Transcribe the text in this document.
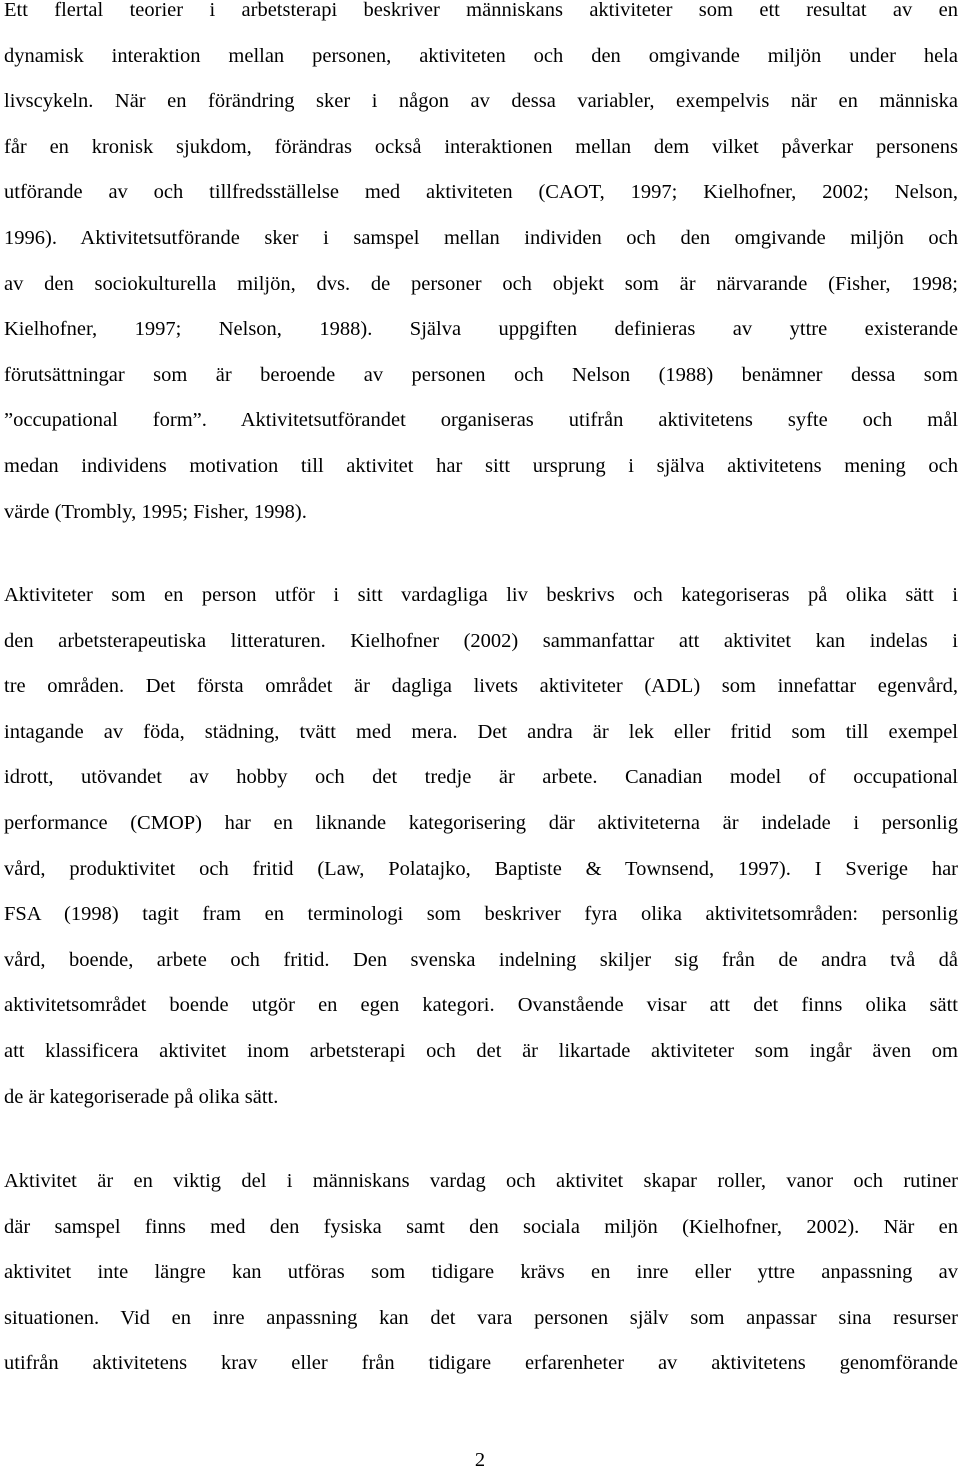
Ett flertal teorier i arbetsterapi beskriver människans aktiviteter som ett resultat av en
dynamisk interaktion mellan personen, aktiviteten och den omgivande miljön under hela
livscykeln. När en förändring sker i någon av dessa variabler, exempelvis när en människa
får en kronisk sjukdom, förändras också interaktionen mellan dem vilket påverkar personens
utförande av och tillfredsställelse med aktiviteten (CAOT, 1997; Kielhofner, 2002; Nelson,
1996). Aktivitetsutförande sker i samspel mellan individen och den omgivande miljön och
av den sociokulturella miljön, dvs. de personer och objekt som är närvarande (Fisher, 1998;
Kielhofner, 1997; Nelson, 1988). Själva uppgiften definieras av yttre existerande
förutsättningar som är beroende av personen och Nelson (1988) benämner dessa som
”occupational form”. Aktivitetsutförandet organiseras utifrån aktivitetens syfte och mål
medan individens motivation till aktivitet har sitt ursprung i själva aktivitetens mening och
värde (Trombly, 1995; Fisher, 1998).
Aktiviteter som en person utför i sitt vardagliga liv beskrivs och kategoriseras på olika sätt i
den arbetsterapeutiska litteraturen. Kielhofner (2002) sammanfattar att aktivitet kan indelas i
tre områden. Det första området är dagliga livets aktiviteter (ADL) som innefattar egenvård,
intagande av föda, städning, tvätt med mera. Det andra är lek eller fritid som till exempel
idrott, utövandet av hobby och det tredje är arbete. Canadian model of occupational
performance (CMOP) har en liknande kategorisering där aktiviteterna är indelade i personlig
vård, produktivitet och fritid (Law, Polatajko, Baptiste & Townsend, 1997). I Sverige har
FSA (1998) tagit fram en terminologi som beskriver fyra olika aktivitetsområden: personlig
vård, boende, arbete och fritid. Den svenska indelning skiljer sig från de andra två då
aktivitetsområdet boende utgör en egen kategori. Ovanstående visar att det finns olika sätt
att klassificera aktivitet inom arbetsterapi och det är likartade aktiviteter som ingår även om
de är kategoriserade på olika sätt.
Aktivitet är en viktig del i människans vardag och aktivitet skapar roller, vanor och rutiner
där samspel finns med den fysiska samt den sociala miljön (Kielhofner, 2002). När en
aktivitet inte längre kan utföras som tidigare krävs en inre eller yttre anpassning av
situationen. Vid en inre anpassning kan det vara personen själv som anpassar sina resurser
utifrån aktivitetens krav eller från tidigare erfarenheter av aktivitetens genomförande
2
